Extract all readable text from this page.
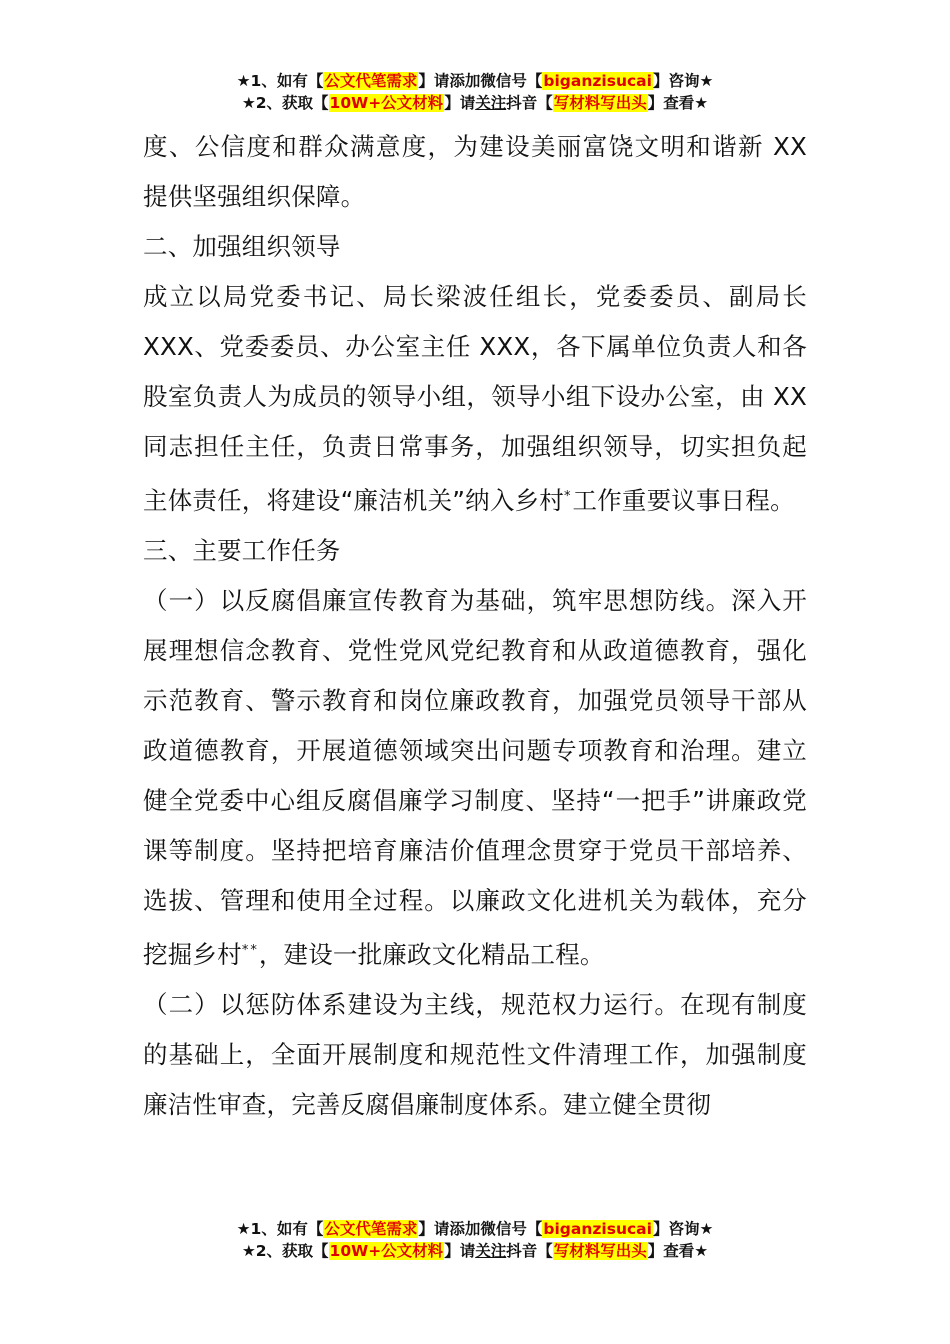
★1、如有【公文代笔需求】请添加微信号【biganzisucai】咨询★
★2、获取【10W+公文材料】请关注抖音【写材料写出头】查看★

度、公信度和群众满意度，为建设美丽富饶文明和谐新 XX 提供坚强组织保障。

二、加强组织领导

成立以局党委书记、局长梁波任组长，党委委员、副局长 XXX、党委委员、办公室主任 XXX，各下属单位负责人和各股室负责人为成员的领导小组，领导小组下设办公室，由 XX 同志担任主任，负责日常事务，加强组织领导，切实担负起主体责任，将建设“廉洁机关”纳入乡村*工作重要议事日程。

三、主要工作任务

（一）以反腐倡廉宣传教育为基础，筑牢思想防线。深入开展理想信念教育、党性党风党纪教育和从政道德教育，强化示范教育、警示教育和岗位廉政教育，加强党员领导干部从政道德教育，开展道德领域突出问题专项教育和治理。建立健全党委中心组反腐倡廉学习制度、坚持“一把手”讲廉政党课等制度。坚持把培育廉洁价值理念贯穿于党员干部培养、选拔、管理和使用全过程。以廉政文化进机关为载体，充分挖掘乡村**，建设一批廉政文化精品工程。

（二）以惩防体系建设为主线，规范权力运行。在现有制度的基础上，全面开展制度和规范性文件清理工作，加强制度廉洁性审查，完善反腐倡廉制度体系。建立健全贯彻

★1、如有【公文代笔需求】请添加微信号【biganzisucai】咨询★
★2、获取【10W+公文材料】请关注抖音【写材料写出头】查看★
